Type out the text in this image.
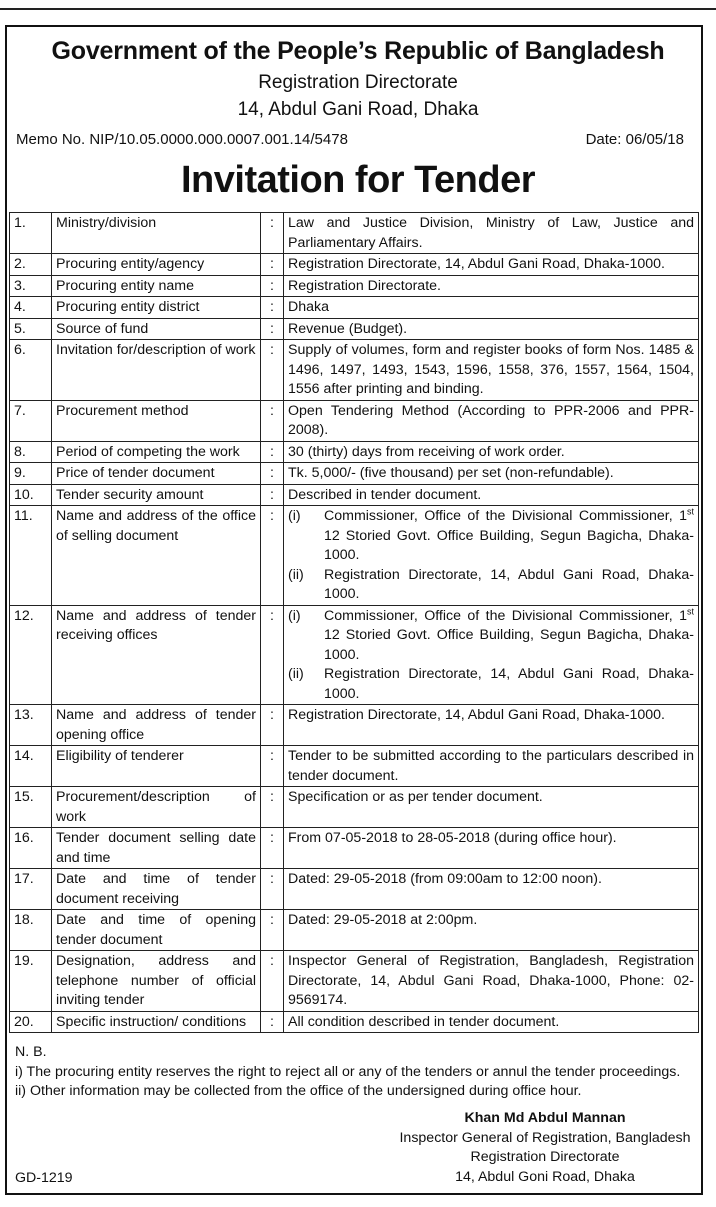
Government of the People’s Republic of Bangladesh
Registration Directorate
14, Abdul Gani Road, Dhaka
Memo No. NIP/10.05.0000.000.0007.001.14/5478	Date: 06/05/18
Invitation for Tender
1.	Ministry/division	:	Law and Justice Division, Ministry of Law, Justice and Parliamentary Affairs.
2.	Procuring entity/agency	:	Registration Directorate, 14, Abdul Gani Road, Dhaka-1000.
3.	Procuring entity name	:	Registration Directorate.
4.	Procuring entity district	:	Dhaka
5.	Source of fund	:	Revenue (Budget).
6.	Invitation for/description of work	:	Supply of volumes, form and register books of form Nos. 1485 & 1496, 1497, 1493, 1543, 1596, 1558, 376, 1557, 1564, 1504, 1556 after printing and binding.
7.	Procurement method	:	Open Tendering Method (According to PPR-2006 and PPR-2008).
8.	Period of competing the work	:	30 (thirty) days from receiving of work order.
9.	Price of tender document	:	Tk. 5,000/- (five thousand) per set (non-refundable).
10.	Tender security amount	:	Described in tender document.
11.	Name and address of the office of selling document	:	(i) Commissioner, Office of the Divisional Commissioner, 1st 12 Storied Govt. Office Building, Segun Bagicha, Dhaka-1000.
(ii) Registration Directorate, 14, Abdul Gani Road, Dhaka-1000.

12.	Name and address of tender receiving offices	:	(i) Commissioner, Office of the Divisional Commissioner, 1st 12 Storied Govt. Office Building, Segun Bagicha, Dhaka-1000.
(ii) Registration Directorate, 14, Abdul Gani Road, Dhaka-1000.

13.	Name and address of tender opening office	:	Registration Directorate, 14, Abdul Gani Road, Dhaka-1000.
14.	Eligibility of tenderer	:	Tender to be submitted according to the particulars described in tender document.
15.	Procurement/description of work	:	Specification or as per tender document.
16.	Tender document selling date and time	:	From 07-05-2018 to 28-05-2018 (during office hour).
17.	Date and time of tender document receiving	:	Dated: 29-05-2018 (from 09:00am to 12:00 noon).
18.	Date and time of opening tender document	:	Dated: 29-05-2018 at 2:00pm.
19.	Designation, address and telephone number of official inviting tender	:	Inspector General of Registration, Bangladesh, Registration Directorate, 14, Abdul Gani Road, Dhaka-1000, Phone: 02-9569174.
20.	Specific instruction/ conditions	:	All condition described in tender document.
N. B.
i) The procuring entity reserves the right to reject all or any of the tenders or annul the tender proceedings.
ii) Other information may be collected from the office of the undersigned during office hour.
Khan Md Abdul Mannan
Inspector General of Registration, Bangladesh
Registration Directorate
14, Abdul Goni Road, Dhaka
GD-1219
